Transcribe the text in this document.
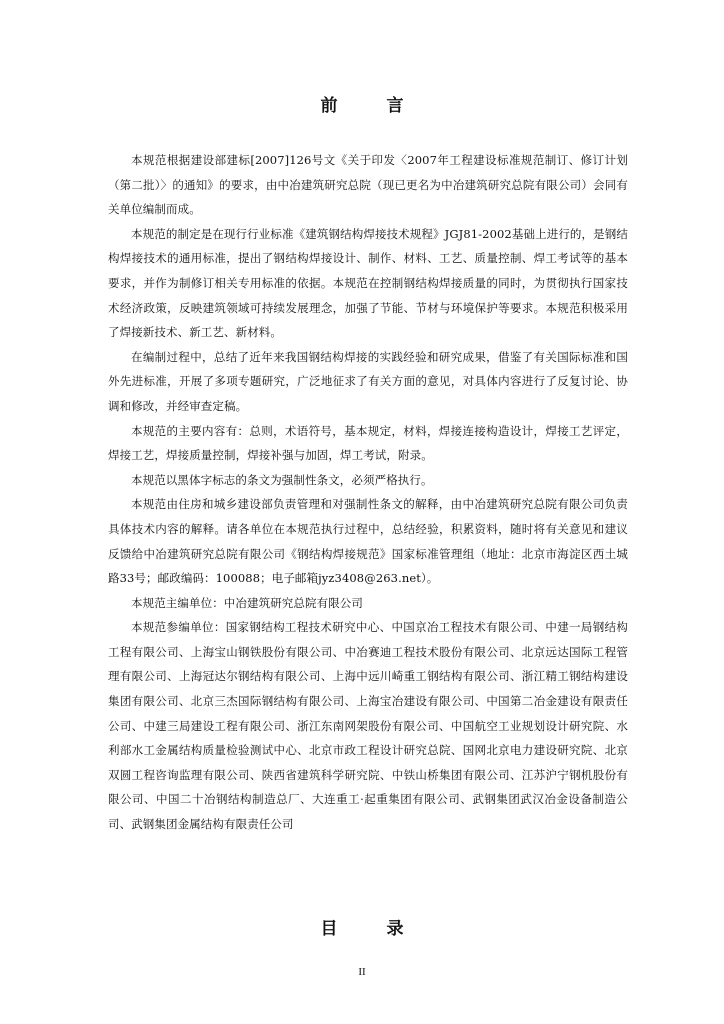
前　言

本规范根据建设部建标[2007]126号文《关于印发〈2007年工程建设标准规范制订、修订计划（第二批）〉的通知》的要求，由中冶建筑研究总院（现已更名为中冶建筑研究总院有限公司）会同有关单位编制而成。

本规范的制定是在现行行业标准《建筑钢结构焊接技术规程》JGJ81-2002基础上进行的，是钢结构焊接技术的通用标准，提出了钢结构焊接设计、制作、材料、工艺、质量控制、焊工考试等的基本要求，并作为制修订相关专用标准的依据。本规范在控制钢结构焊接质量的同时，为贯彻执行国家技术经济政策，反映建筑领域可持续发展理念，加强了节能、节材与环境保护等要求。本规范积极采用了焊接新技术、新工艺、新材料。

在编制过程中，总结了近年来我国钢结构焊接的实践经验和研究成果，借鉴了有关国际标准和国外先进标准，开展了多项专题研究，广泛地征求了有关方面的意见，对具体内容进行了反复讨论、协调和修改，并经审查定稿。

本规范的主要内容有：总则，术语符号，基本规定，材料，焊接连接构造设计，焊接工艺评定，焊接工艺，焊接质量控制，焊接补强与加固，焊工考试，附录。

本规范以黑体字标志的条文为强制性条文，必须严格执行。

本规范由住房和城乡建设部负责管理和对强制性条文的解释，由中冶建筑研究总院有限公司负责具体技术内容的解释。请各单位在本规范执行过程中，总结经验，积累资料，随时将有关意见和建议反馈给中冶建筑研究总院有限公司《钢结构焊接规范》国家标准管理组（地址：北京市海淀区西土城路33号；邮政编码：100088；电子邮箱jyz3408@263.net）。

本规范主编单位：中冶建筑研究总院有限公司

本规范参编单位：国家钢结构工程技术研究中心、中国京冶工程技术有限公司、中建一局钢结构工程有限公司、上海宝山钢铁股份有限公司、中冶赛迪工程技术股份有限公司、北京远达国际工程管理有限公司、上海冠达尔钢结构有限公司、上海中远川崎重工钢结构有限公司、浙江精工钢结构建设集团有限公司、北京三杰国际钢结构有限公司、上海宝冶建设有限公司、中国第二冶金建设有限责任公司、中建三局建设工程有限公司、浙江东南网架股份有限公司、中国航空工业规划设计研究院、水利部水工金属结构质量检验测试中心、北京市政工程设计研究总院、国网北京电力建设研究院、北京双圆工程咨询监理有限公司、陕西省建筑科学研究院、中铁山桥集团有限公司、江苏沪宁钢机股份有限公司、中国二十冶钢结构制造总厂、大连重工·起重集团有限公司、武钢集团武汉冶金设备制造公司、武钢集团金属结构有限责任公司

目　录
II
